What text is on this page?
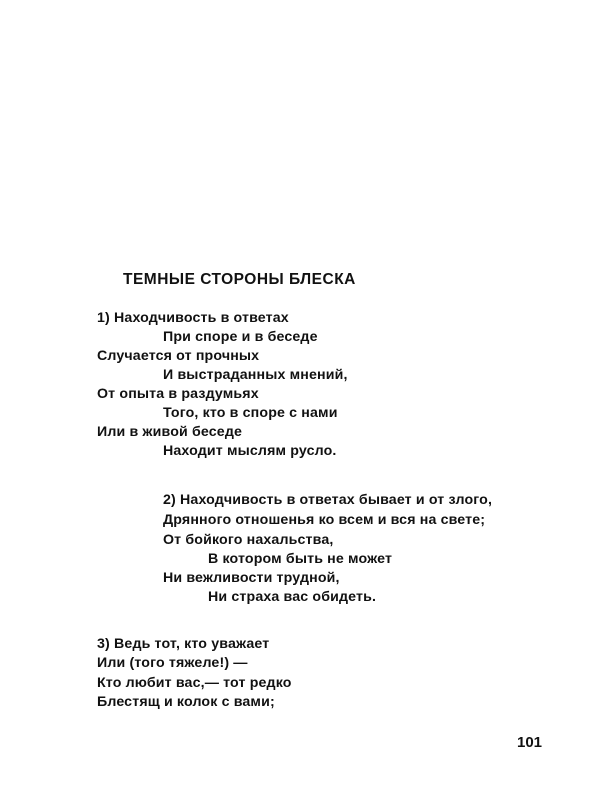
ТЕМНЫЕ СТОРОНЫ БЛЕСКА
1) Находчивость в ответах
При споре и в беседе
Случается от прочных
И выстраданных мнений,
От опыта в раздумьях
Того, кто в споре с нами
Или в живой беседе
Находит мыслям русло.
2) Находчивость в ответах бывает и от злого,
Дрянного отношенья ко всем и вся на свете;
От бойкого нахальства,
В котором быть не может
Ни вежливости трудной,
Ни страха вас обидеть.
3) Ведь тот, кто уважает
Или (того тяжеле!) —
Кто любит вас,— тот редко
Блестящ и колок с вами;
101
